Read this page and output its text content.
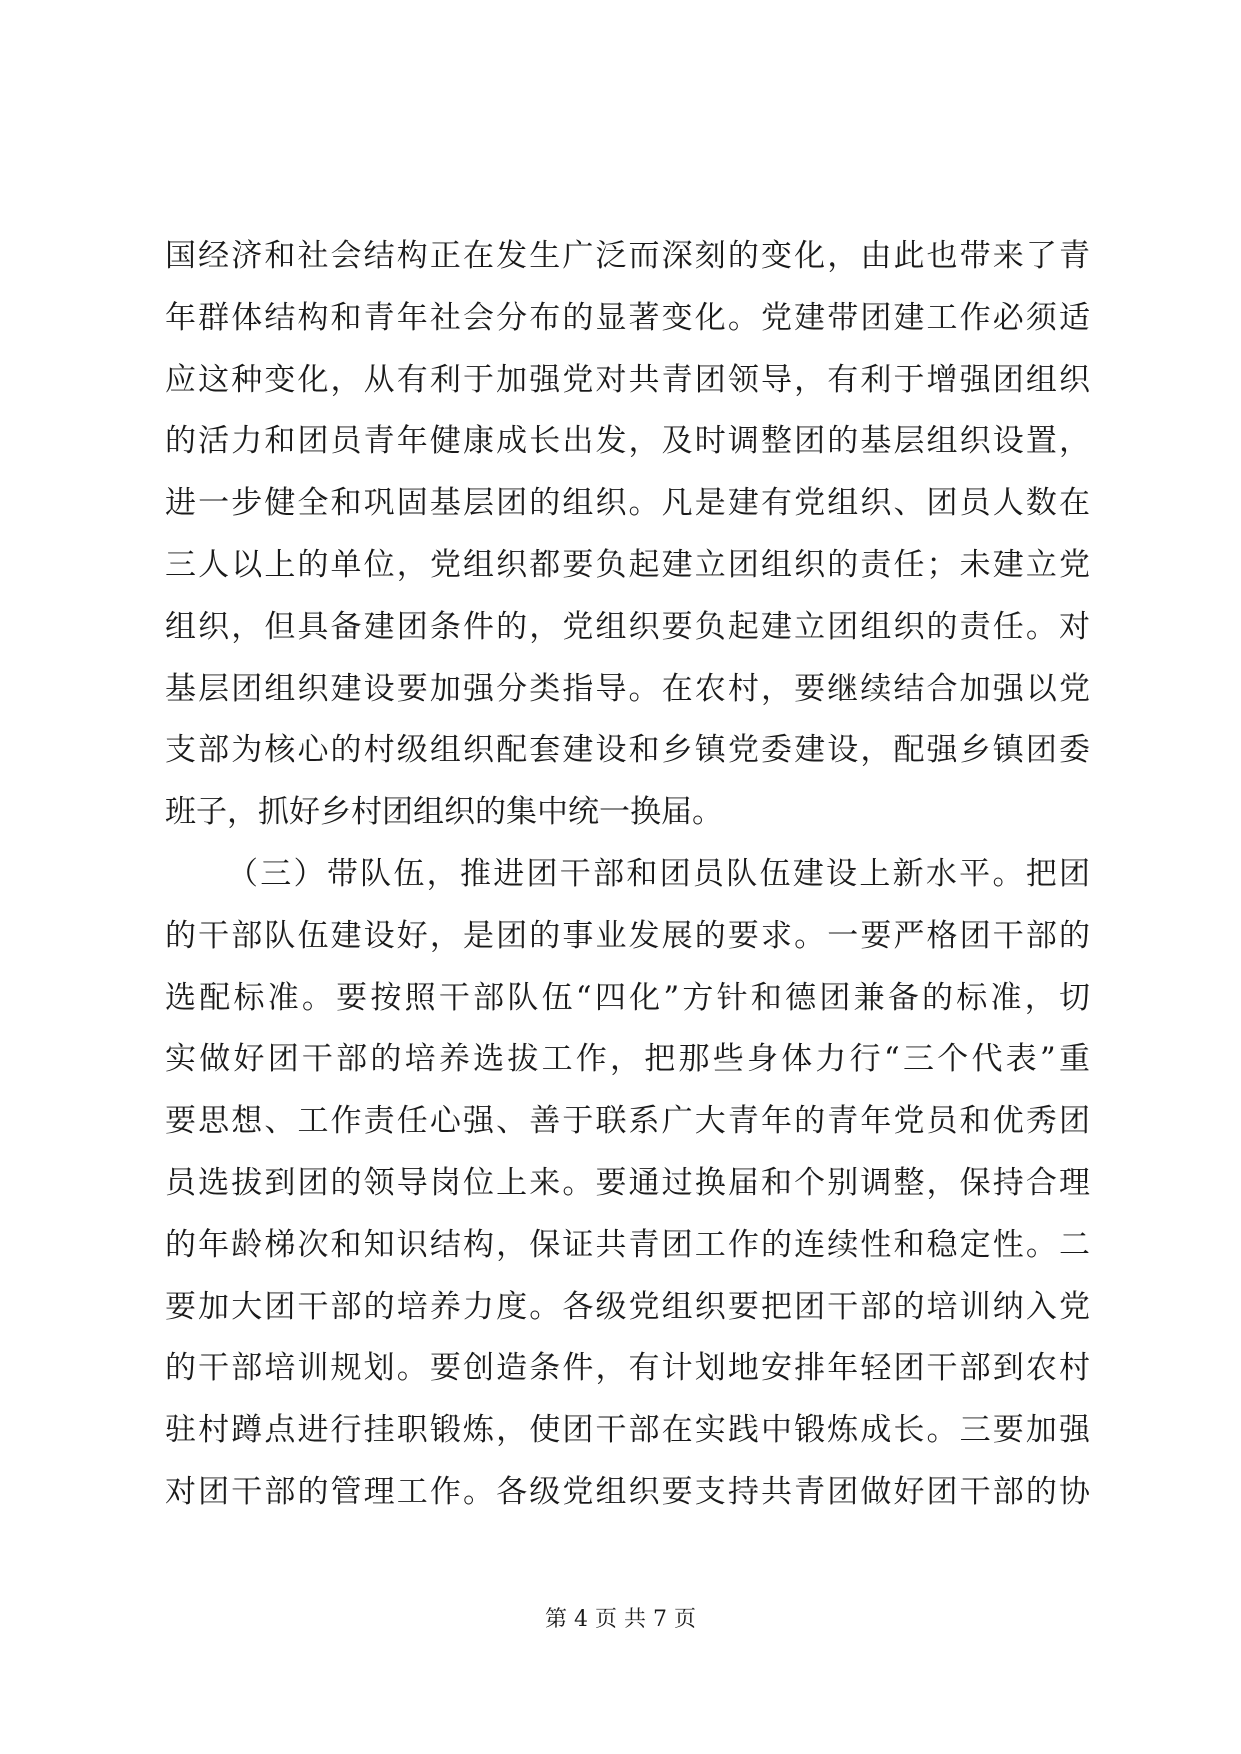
国经济和社会结构正在发生广泛而深刻的变化，由此也带来了青
年群体结构和青年社会分布的显著变化。党建带团建工作必须适
应这种变化，从有利于加强党对共青团领导，有利于增强团组织
的活力和团员青年健康成长出发，及时调整团的基层组织设置，
进一步健全和巩固基层团的组织。凡是建有党组织、团员人数在
三人以上的单位，党组织都要负起建立团组织的责任；未建立党
组织，但具备建团条件的，党组织要负起建立团组织的责任。对
基层团组织建设要加强分类指导。在农村，要继续结合加强以党
支部为核心的村级组织配套建设和乡镇党委建设，配强乡镇团委
班子，抓好乡村团组织的集中统一换届。
（三）带队伍，推进团干部和团员队伍建设上新水平。把团
的干部队伍建设好，是团的事业发展的要求。一要严格团干部的
选配标准。要按照干部队伍“四化”方针和德团兼备的标准，切
实做好团干部的培养选拔工作，把那些身体力行“三个代表”重
要思想、工作责任心强、善于联系广大青年的青年党员和优秀团
员选拔到团的领导岗位上来。要通过换届和个别调整，保持合理
的年龄梯次和知识结构，保证共青团工作的连续性和稳定性。二
要加大团干部的培养力度。各级党组织要把团干部的培训纳入党
的干部培训规划。要创造条件，有计划地安排年轻团干部到农村
驻村蹲点进行挂职锻炼，使团干部在实践中锻炼成长。三要加强
对团干部的管理工作。各级党组织要支持共青团做好团干部的协
第 4 页 共 7 页
